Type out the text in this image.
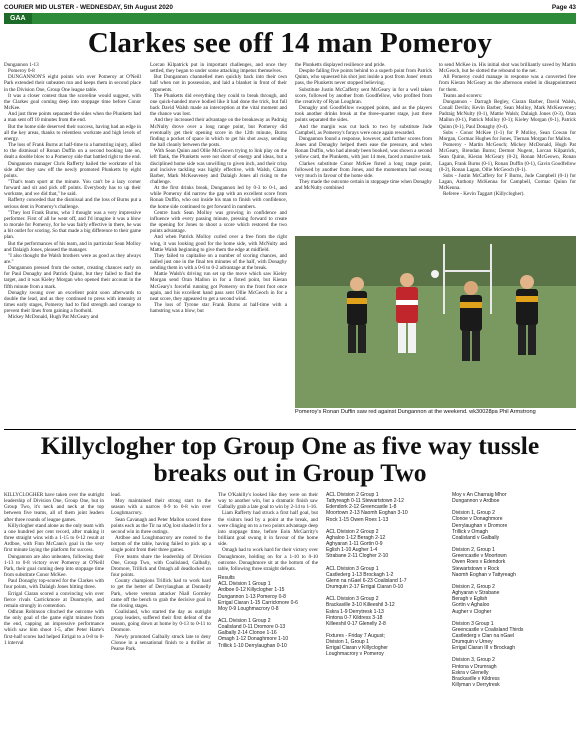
COURIER MID ULSTER - WEDNESDAY, 5th August 2020	Page 43
GAA
Clarkes see off 14 man Pomeroy

Dungannon 1-13

Pomeroy 0-8

DUNGANNON'S eight points win over Pomeroy at O'Neill Park extended their unbeaten run and keeps them in second place in the Division One, Group One league table.

It was a closer contest than the scoreline would suggest, with the Clarkes goal coming deep into stoppage time before Conor McKee.

And just three points separated the sides when the Plunketts had a man sent off 10 minutes from the end.

But the home side deserved their success, having had an edge in all the key areas, thanks to relentless workrate and high levels of energy.

The loss of Frank Burns at half-time to a hamstring injury, allied to the dismissal of Ronan Duffin on a second booking late on, dealt a double blow to a Pomeroy side that battled right to the end.

Dungannon manager Chris Rafferty hailed the workrate of his side after they saw off the newly promoted Plunketts by eight points.

"That's team sport at the minute. You can't be a lazy corner forward and sit and pick off points. Everybody has to up their workrate, and we did that," he said.

Rafferty conceded that the dismissal and the loss of Burns put a serious dent in Pomeroy's challenge.

"They lost Frank Burns, who I thought was a very impressive performer. First of all he went off, and I'd imagine it was a blow to morale for Pomeroy, for he was fairly effective in there, he was a bit outlet for scoring. So that made a big difference to their game plan.

But the performances of his team, and in particular Sean Molloy and Dalaigh Jones, pleased the manager.

"I also thought the Walsh brothers were as good as they always are."

Dungannon pressed from the outset, creating chances early on for Paul Donaghy and Patrick Quinn, but they failed to find the target, and it was Kieley Morgan who opened their account in the fifth minute from a mark.

Donaghy swung over an excellent point soon afterwards to double the lead, and as they continued to press with intensity at times early stages, Pomeroy had to find strength and courage to prevent their lines from gaining a foothold.

Mickey McDonald, Hugh Pat McGeary and

Lorcan Kilpatrick put in important challenges, and once they settled, they began to under some attacking impetus themselves.

But Dungannon channelled men quickly back into their own half when not in possession, and laid a blanket in front of their opponents.

The Plunketts did everything they could to break through, and one quick-handed move bodied like it had done the trick, but full back David Walsh made an interception at the vital moment and the chance was lost.

And they increased their advantage on the breakaway as Padraig McNulty drove over a long range point, but Pomeroy did eventually get their opening score in the 12th minute, Burns finding a pocket of space in which to get his shot away, sending the ball cleanly between the posts.

With Sean Quinn and Ollie McGeown trying to link play on the left flank, the Plunketts were not short of energy and ideas, but a disciplined home side was unwilling to given inch, and their crisp and incisive tackling was highly effective, with Walsh, Ciaran Barber, Mark McKeaveney and Dalaigh Jones all rising to the challenge.

At the first drinks break, Dungannon led by 0-3 to 0-1, and while Pomeroy did narrow the gap with an excellent score from Ronan Duffin, who out inside his man to finish with confidence, the home side continued to get forward in numbers.

Centre back Sean Molloy was growing in confidence and influence with every passing minute, pressing forward to create the opening for Jones to shoot a score which restored the two points advantage.

And when Patrick Molloy curled over a free from the right wing, it was looking good for the home side, with McNulty and Mattie Walsh beginning to give them the edge at midfield.

They failed to capitalise on a number of scoring chances, and nailed just one in the final ten minutes of the half, with Donaghy sending them in with a 0-6 to 0-2 advantage at the break.

Mattie Walsh's driving run set up the move which saw Kieley Morgan send Oran Mallon in for a fisted point, but Kieran McGeary's forceful running got Pomeroy on the front foot once again, and his excellent hand pass sent Ollie McGeoch in for a neat score, they appeared to get a second wind.

The loss of Tyrone star Frank Burns at half-time with a hamstring was a blow, but

the Plunketts displayed resilience and pride.

Despite falling five points behind to a superb point from Patrick Quinn, who squeezed his shot just inside a post from Jones' return pass, the Plunketts never stopped believing.

Substitute Justin McCafferty sent McGeary in for a well taken score, followed by another from Goodfellow, who profited from the creativity of Ryan Loughran.

Donaghy and Goodfellow swapped points, and as the players took another drinks break at the three-quarter stage, just three points separated the sides.

And the margin was cut back to two by substitute Jude Campbell, as Pomeroy's forays were once again rewarded.

Dungannon found a response, however, and further scores from Jones and Donaghy helped them ease the pressure, and when Ronan Duffin, who had already been booked, was shown a second yellow card, the Plunketts, with just 14 men, faced a massive task.

Clarkes substitute Conor McKee fisted a long range point, followed by another from Jones, and the momentum had swung very much in favour of the home side.

They made the outcome certain in stoppage time when Donaghy and McNulty combined

to send McKee in. His initial shot was brilliantly saved by Martin McGeoch, but he slotted the rebound to the net.

All Pomeroy could manage in response was a converted free from Kieran McGeary as the afternoon ended in disappointment for them.

Teams and scorers:

Dungannon - Darragh Begley, Ciaran Barber, David Walsh, Conall Devlin; Kevin Barber, Sean Molloy, Mark McKeaveney; Padraig McNulty (0-1), Mattie Walsh; Dalaigh Jones (0-3), Oran Mallon (0-1), Patrick Molloy (0-1); Kieley Morgan (0-1), Patrick Quinn (0-1), Paul Donaghy (0-4).

Subs - Conor McKee (1-1) for P Molloy, Sean Cowan for Morgan, Cormac Hughes for Jones, Tiernan Morgan for Mallon.

Pomeroy - Martin McGeoch; Mickey McDonald, Hugh Pat McGeary, Brendan Burns; Dermot Nugent, Lorcan Kilpatrick, Sean Quinn, Kieran McGeary (0-2), Ronan McGeown, Ronan Lagan, Frank Burns (0-1), Ronan Duffin (0-1), Gavin Goodfellow (0-2), Ronan Lagan, Ollie McGeoch (0-1).

Subs - Justin McCaffery for F Burns, Jude Campbell (0-1) for Lagan, Anthony McKenna for Campbell, Cormac Quinn for McKenna.

Referee - Kevin Taggart (Killyclogher).

Pomeroy's Ronan Duffin saw red against Dungannon at the weekend. wk30028pa Phil Armstrong
Killyclogher top Group One as five way tussle breaks out in Group Two

KILLYCLOGHER have taken over the outright leadership of Division One, Group One, but in Group Two, it's neck and neck at the top between five teams, all of them joint leaders after three rounds of league games.

Killyclogher stand alone as the only team with a one hundred per cent record, after making it three straight wins with a 1-15 to 0-12 result at Ardboe, with Finn McCann's goal in the very first minute laying the platform for success.

Dungannon are also unbeaten, following their 1-13 to 0-8 victory over Pomeroy at O'Neill Park, their goal coming deep into stoppage time from substitute Conor McKee.

Paul Donaghy top-scored for the Clarkes with four points, with Dalaigh Jones hitting three.

Errigal Ciaran scored a convincing win over fierce rivals Carrickmore at Dunmoyle, and remain strongly in contention.

Odhran Robinson clinched the outcome with the only goal of the game eight minutes from the end, capping an impressive performance which saw him shoot 1-5, after Peter Harte's first-half scores had helped Errigal to a 0-8 to 0-1 interval

lead.

Moy maintained their strong start to the season with a narrow 0-9 to 0-8 win over Loughmacrory.

Sean Cavanagh and Peter Mallon scored three points each as the Tir na nOg lost shaded it for a second win in three outings.

Ardboe and Loughmacrory are rooted to the bottom of the table, having failed to pick up a single point from their three games.

Five teams share the leadership of Division One, Group Two, with Coalisland, Galbally, Dromore, Trillick and Omagh all deadlocked on four points.

County champions Trillick had to work hard to get the better of Derrylaughan at Donnelly Park, where veteran attacker Niall Gormley came off the bench to grab the decisive goal in the closing stages.

Coalisland, who started the day as outright group leaders, suffered their first defeat of the season, going down at home by 0-13 to 0-11 to Dromore.

Newly promoted Galbally struck late to deny Clonoe in a sensational finish to a thriller at Pearse Park.

The O'Kahilly's looked like they were on their way to another win, but a dramatic finish saw Galbally grab a late goal to win by 2-14 to 1-16.

Liam Rafferty had struck a first half goal, but the visitors lead by a point at the break, and were clinging on to a two points advantage deep into stoppage time, before Eoin McGarrity's brilliant goal swung it in favour of the home side.

Omagh had to work hard for their victory over Donaghmore, holding on for a 1-10 to 0-10 outcome. Donaghmore sit at the bottom of the table, following three straight defeats.

Results
ACL Division 1 Group 1
Ardboe 0-12 Killyclogher 1-15
Dungannon 1-13 Pomeroy 0-8
Errigal Ciaran 1-15 Carrickmore 0-6
Moy 0-9 Loughmacrory 0-8
ACL Division 1 Group 2
Coalisland 0-11 Dromore 0-13
Galbally 2-14 Clonoe 1-16
Omagh 1-12 Donaghmore 1-10
Trillick 1-10 Derrylaughan 0-10
ACL Division 2 Group 1
Tattyreagh 0-11 Stewartstown 2-12
Edendork 2-12 Greencastle 1-8
Moortown 2-13 Naomh Eoghan 3-10
Rock 1-15 Owen Roes 1-13
ACL Division 2 Group 2
Aghaloo 1-12 Beragh 2-12
Aghyaran 1-11 Gortin 0-9
Eglish 1-10 Augher 1-4
Strabane 2-11 Clogher 2-10
ACL Division 3 Group 1
Castlederg 1-13 Brockagh 1-2
Glenn na nGael 6-23 Coalisland 1-7
Drumquin 2-17 Errigal Ciaran 0-10
ACL Division 3 Group 2
Brackaville 3-10 Killeeshil 3-12
Eskra 1-9 Derrytresk 1-13
Fintona 0-7 Kildress 3-18
Killeeshil 0-17 Glenelly 2-8
Fixtures - Friday 7 August;
Division 1, Group 1
Errigal Ciaran v Killyclogher
Loughmacrory v Pomeroy
Moy v An Charraig Mhor
Dungannon v Ardboe
Division 1, Group 2
Clonoe v Donaghmore
Derrylaughan v Dromore
Trillick v Omagh
Coalisland v Galbally
Division 2, Group 1
Greencastle v Moortown
Owen Roes v Edendork
Stewartstown v Rock
Naomh Eoghan v Tattyreagh
Division 2, Group 2
Aghyaran v Strabane
Beragh v Eglish
Gortin v Aghaloo
Augher v Clogher
Division 3 Group 1
Greencastle v Coalisland Thirds
Castlederg v Clan na nGael
Drumquin v Urney
Errigal Ciaran III v Brockagh
Division 3, Group 2
Fintona v Drumragh
Eskra v Glenelly
Brackaville v Kildress
Killyman v Derrytresk
